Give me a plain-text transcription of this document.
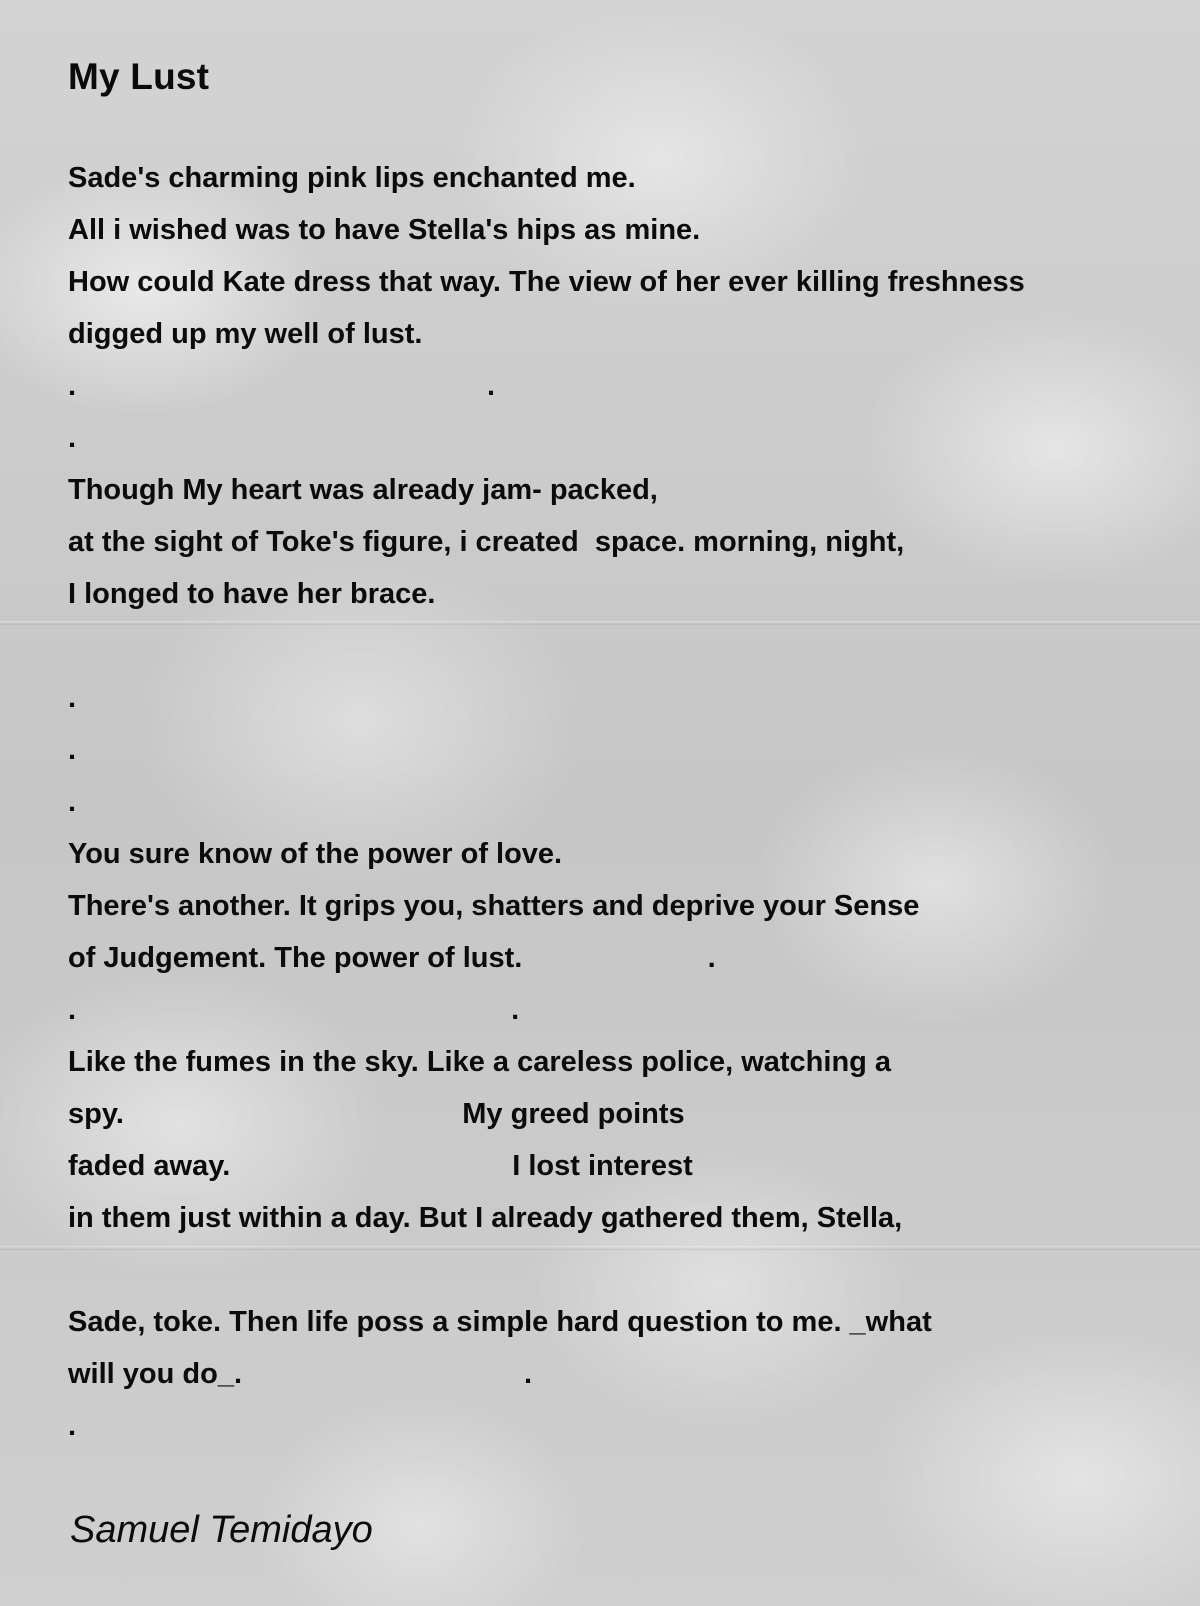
My Lust
Sade's charming pink lips enchanted me.
All i wished was to have Stella's hips as mine.
How could Kate dress that way. The view of her ever killing freshness
digged up my well of lust.
.                                                   .
.
Though My heart was already jam- packed,
at the sight of Toke's figure, i created  space. morning, night,
I longed to have her brace.
.
.
.
You sure know of the power of love.
There's another. It grips you, shatters and deprive your Sense
of Judgement. The power of lust.                       .
.                                                      .
Like the fumes in the sky. Like a careless police, watching a
spy.                                          My greed points
faded away.                                   I lost interest
in them just within a day. But I already gathered them, Stella,
Sade, toke. Then life poss a simple hard question to me. _what
will you do_.                                   .
.
Samuel Temidayo
